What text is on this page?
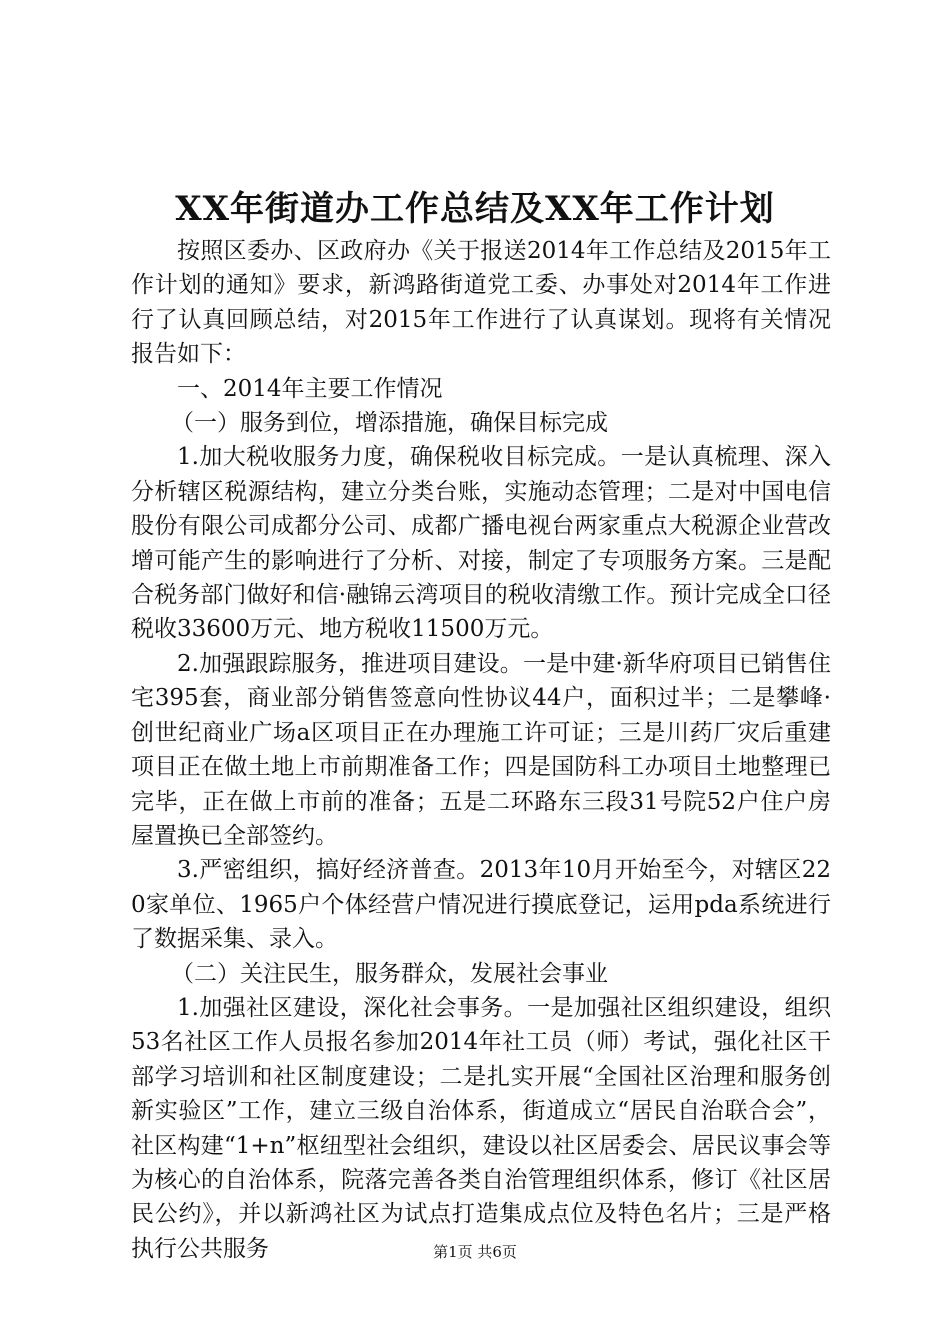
XX年街道办工作总结及XX年工作计划

按照区委办、区政府办《关于报送2014年工作总结及2015年工作计划的通知》要求，新鸿路街道党工委、办事处对2014年工作进行了认真回顾总结，对2015年工作进行了认真谋划。现将有关情况报告如下：

一、2014年主要工作情况

（一）服务到位，增添措施，确保目标完成

1.加大税收服务力度，确保税收目标完成。一是认真梳理、深入分析辖区税源结构，建立分类台账，实施动态管理；二是对中国电信股份有限公司成都分公司、成都广播电视台两家重点大税源企业营改增可能产生的影响进行了分析、对接，制定了专项服务方案。三是配合税务部门做好和信·融锦云湾项目的税收清缴工作。预计完成全口径税收33600万元、地方税收11500万元。

2.加强跟踪服务，推进项目建设。一是中建·新华府项目已销售住宅395套，商业部分销售签意向性协议44户，面积过半；二是攀峰·创世纪商业广场a区项目正在办理施工许可证；三是川药厂灾后重建项目正在做土地上市前期准备工作；四是国防科工办项目土地整理已完毕，正在做上市前的准备；五是二环路东三段31号院52户住户房屋置换已全部签约。

3.严密组织，搞好经济普查。2013年10月开始至今，对辖区220家单位、1965户个体经营户情况进行摸底登记，运用pda系统进行了数据采集、录入。

（二）关注民生，服务群众，发展社会事业

1.加强社区建设，深化社会事务。一是加强社区组织建设，组织53名社区工作人员报名参加2014年社工员（师）考试，强化社区干部学习培训和社区制度建设；二是扎实开展“全国社区治理和服务创新实验区”工作，建立三级自治体系，街道成立“居民自治联合会”，社区构建“1+n”枢纽型社会组织，建设以社区居委会、居民议事会等为核心的自治体系，院落完善各类自治管理组织体系，修订《社区居民公约》，并以新鸿社区为试点打造集成点位及特色名片；三是严格执行公共服务	第1页 共6页
